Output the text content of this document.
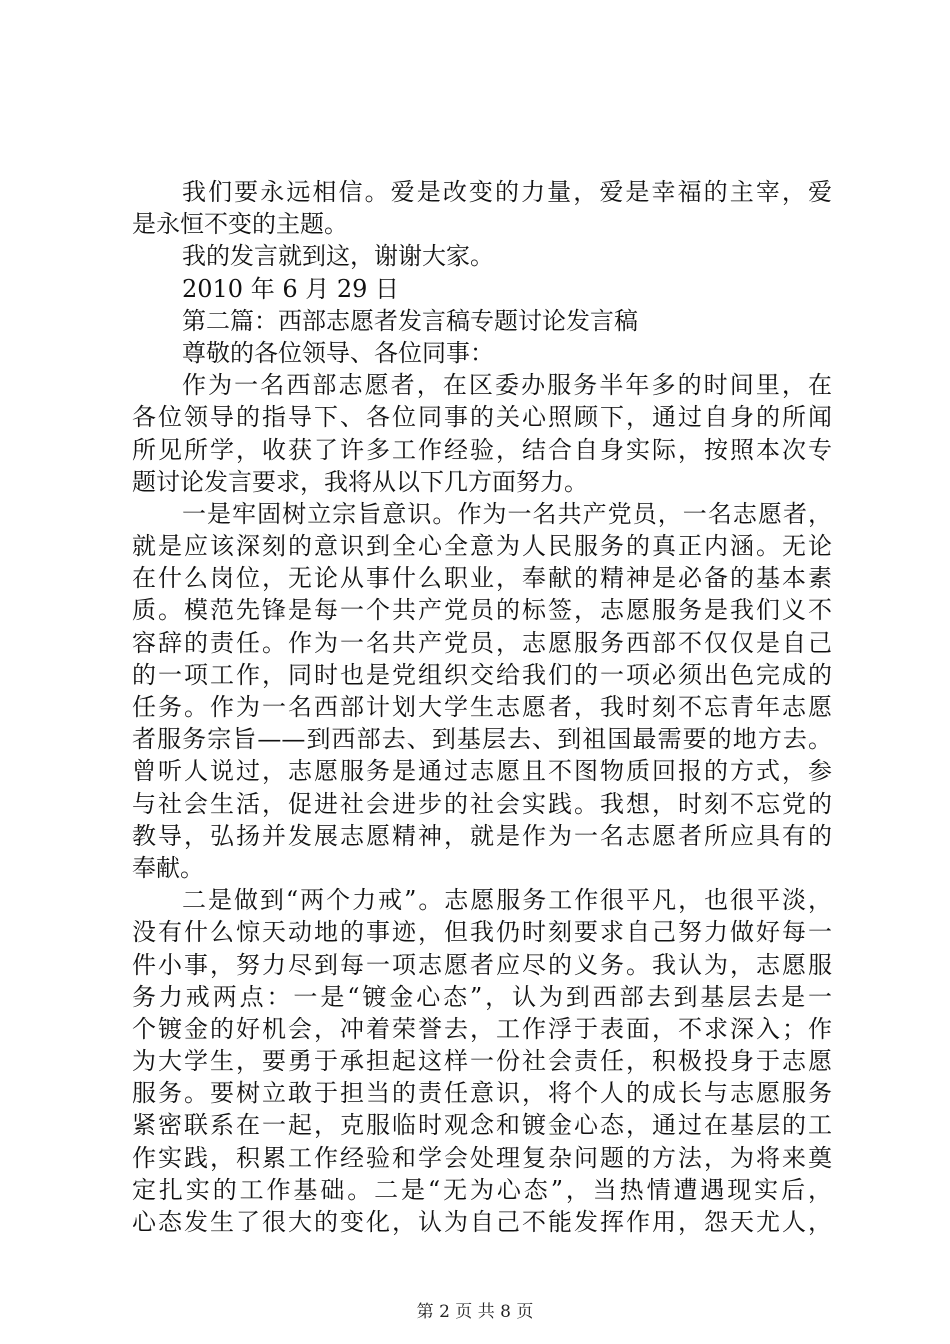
我们要永远相信。爱是改变的力量，爱是幸福的主宰，爱
是永恒不变的主题。
我的发言就到这，谢谢大家。
2010 年 6 月 29 日
第二篇：西部志愿者发言稿专题讨论发言稿
尊敬的各位领导、各位同事：
作为一名西部志愿者，在区委办服务半年多的时间里，在
各位领导的指导下、各位同事的关心照顾下，通过自身的所闻
所见所学，收获了许多工作经验，结合自身实际，按照本次专
题讨论发言要求，我将从以下几方面努力。
一是牢固树立宗旨意识。作为一名共产党员，一名志愿者，
就是应该深刻的意识到全心全意为人民服务的真正内涵。无论
在什么岗位，无论从事什么职业，奉献的精神是必备的基本素
质。模范先锋是每一个共产党员的标签，志愿服务是我们义不
容辞的责任。作为一名共产党员，志愿服务西部不仅仅是自己
的一项工作，同时也是党组织交给我们的一项必须出色完成的
任务。作为一名西部计划大学生志愿者，我时刻不忘青年志愿
者服务宗旨——到西部去、到基层去、到祖国最需要的地方去。
曾听人说过，志愿服务是通过志愿且不图物质回报的方式，参
与社会生活，促进社会进步的社会实践。我想，时刻不忘党的
教导，弘扬并发展志愿精神，就是作为一名志愿者所应具有的
奉献。
二是做到“两个力戒”。志愿服务工作很平凡，也很平淡，
没有什么惊天动地的事迹，但我仍时刻要求自己努力做好每一
件小事，努力尽到每一项志愿者应尽的义务。我认为，志愿服
务力戒两点：一是“镀金心态”，认为到西部去到基层去是一
个镀金的好机会，冲着荣誉去，工作浮于表面，不求深入；作
为大学生，要勇于承担起这样一份社会责任，积极投身于志愿
服务。要树立敢于担当的责任意识，将个人的成长与志愿服务
紧密联系在一起，克服临时观念和镀金心态，通过在基层的工
作实践，积累工作经验和学会处理复杂问题的方法，为将来奠
定扎实的工作基础。二是“无为心态”，当热情遭遇现实后，
心态发生了很大的变化，认为自己不能发挥作用，怨天尤人，
第 2 页 共 8 页
